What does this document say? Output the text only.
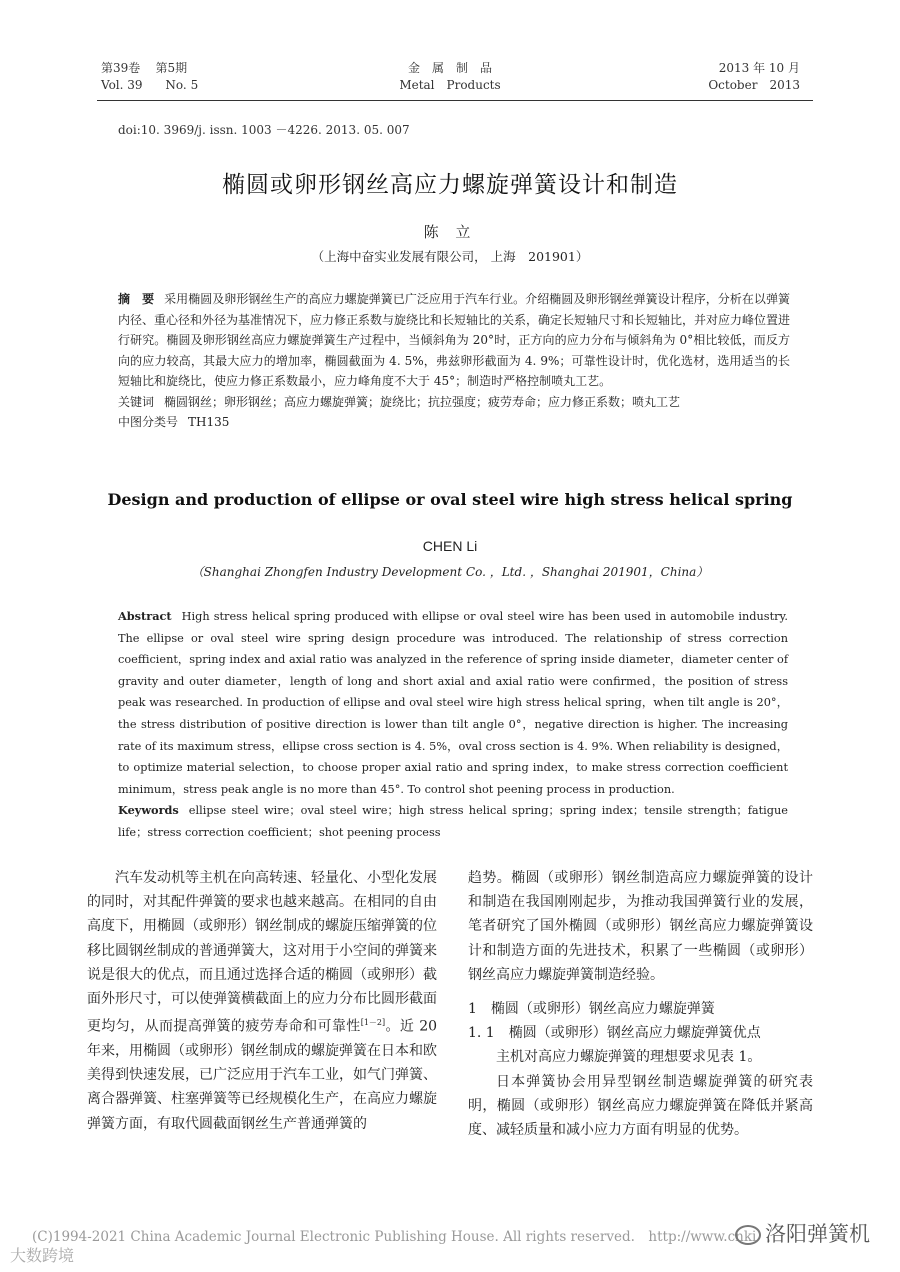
第39卷 第5期
Vol. 39 No. 5
金　属　制　品
Metal　Products
2013 年 10 月
October　2013
doi:10. 3969/j. issn. 1003 －4226. 2013. 05. 007
椭圆或卵形钢丝高应力螺旋弹簧设计和制造
陈 立
（上海中奋实业发展有限公司， 上海　201901）

摘　要 采用椭圆及卵形钢丝生产的高应力螺旋弹簧已广泛应用于汽车行业。介绍椭圆及卵形钢丝弹簧设计程序，分析在以弹簧内径、重心径和外径为基准情况下，应力修正系数与旋绕比和长短轴比的关系，确定长短轴尺寸和长短轴比，并对应力峰位置进行研究。椭圆及卵形钢丝高应力螺旋弹簧生产过程中，当倾斜角为 20°时，正方向的应力分布与倾斜角为 0°相比较低，而反方向的应力较高，其最大应力的增加率，椭圆截面为 4. 5%，弗兹卵形截面为 4. 9%；可靠性设计时，优化选材，选用适当的长短轴比和旋绕比，使应力修正系数最小，应力峰角度不大于 45°；制造时严格控制喷丸工艺。

关键词 椭圆钢丝；卵形钢丝；高应力螺旋弹簧；旋绕比；抗拉强度；疲劳寿命；应力修正系数；喷丸工艺

中图分类号 TH135

Design and production of ellipse or oval steel wire high stress helical spring
CHEN Li
（Shanghai Zhongfen Industry Development Co. ，Ltd. ，Shanghai 201901，China）

Abstract High stress helical spring produced with ellipse or oval steel wire has been used in automobile industry. The ellipse or oval steel wire spring design procedure was introduced. The relationship of stress correction coefficient，spring index and axial ratio was analyzed in the reference of spring inside diameter，diameter center of gravity and outer diameter，length of long and short axial and axial ratio were confirmed，the position of stress peak was researched. In production of ellipse and oval steel wire high stress helical spring，when tilt angle is 20°，the stress distribution of positive direction is lower than tilt angle 0°，negative direction is higher. The increasing rate of its maximum stress，ellipse cross section is 4. 5%，oval cross section is 4. 9%. When reliability is designed，to optimize material selection，to choose proper axial ratio and spring index，to make stress correction coefficient minimum，stress peak angle is no more than 45°. To control shot peening process in production.

Keywords ellipse steel wire；oval steel wire；high stress helical spring；spring index；tensile strength；fatigue life；stress correction coefficient；shot peening process

汽车发动机等主机在向高转速、轻量化、小型化发展的同时，对其配件弹簧的要求也越来越高。在相同的自由高度下，用椭圆（或卵形）钢丝制成的螺旋压缩弹簧的位移比圆钢丝制成的普通弹簧大，这对用于小空间的弹簧来说是很大的优点，而且通过选择合适的椭圆（或卵形）截面外形尺寸，可以使弹簧横截面上的应力分布比圆形截面更均匀，从而提高弹簧的疲劳寿命和可靠性[1－2]。近 20 年来，用椭圆（或卵形）钢丝制成的螺旋弹簧在日本和欧美得到快速发展，已广泛应用于汽车工业，如气门弹簧、离合器弹簧、柱塞弹簧等已经规模化生产，在高应力螺旋弹簧方面，有取代圆截面钢丝生产普通弹簧的

趋势。椭圆（或卵形）钢丝制造高应力螺旋弹簧的设计和制造在我国刚刚起步，为推动我国弹簧行业的发展，笔者研究了国外椭圆（或卵形）钢丝高应力螺旋弹簧设计和制造方面的先进技术，积累了一些椭圆（或卵形）钢丝高应力螺旋弹簧制造经验。

1　椭圆（或卵形）钢丝高应力螺旋弹簧

1. 1　椭圆（或卵形）钢丝高应力螺旋弹簧优点

主机对高应力螺旋弹簧的理想要求见表 1。

日本弹簧协会用异型钢丝制造螺旋弹簧的研究表明，椭圆（或卵形）钢丝高应力螺旋弹簧在降低并紧高度、减轻质量和减小应力方面有明显的优势。

(C)1994-2021 China Academic Journal Electronic Publishing House. All rights reserved.　http://www.cnki 洛阳弹簧机
大数跨境
